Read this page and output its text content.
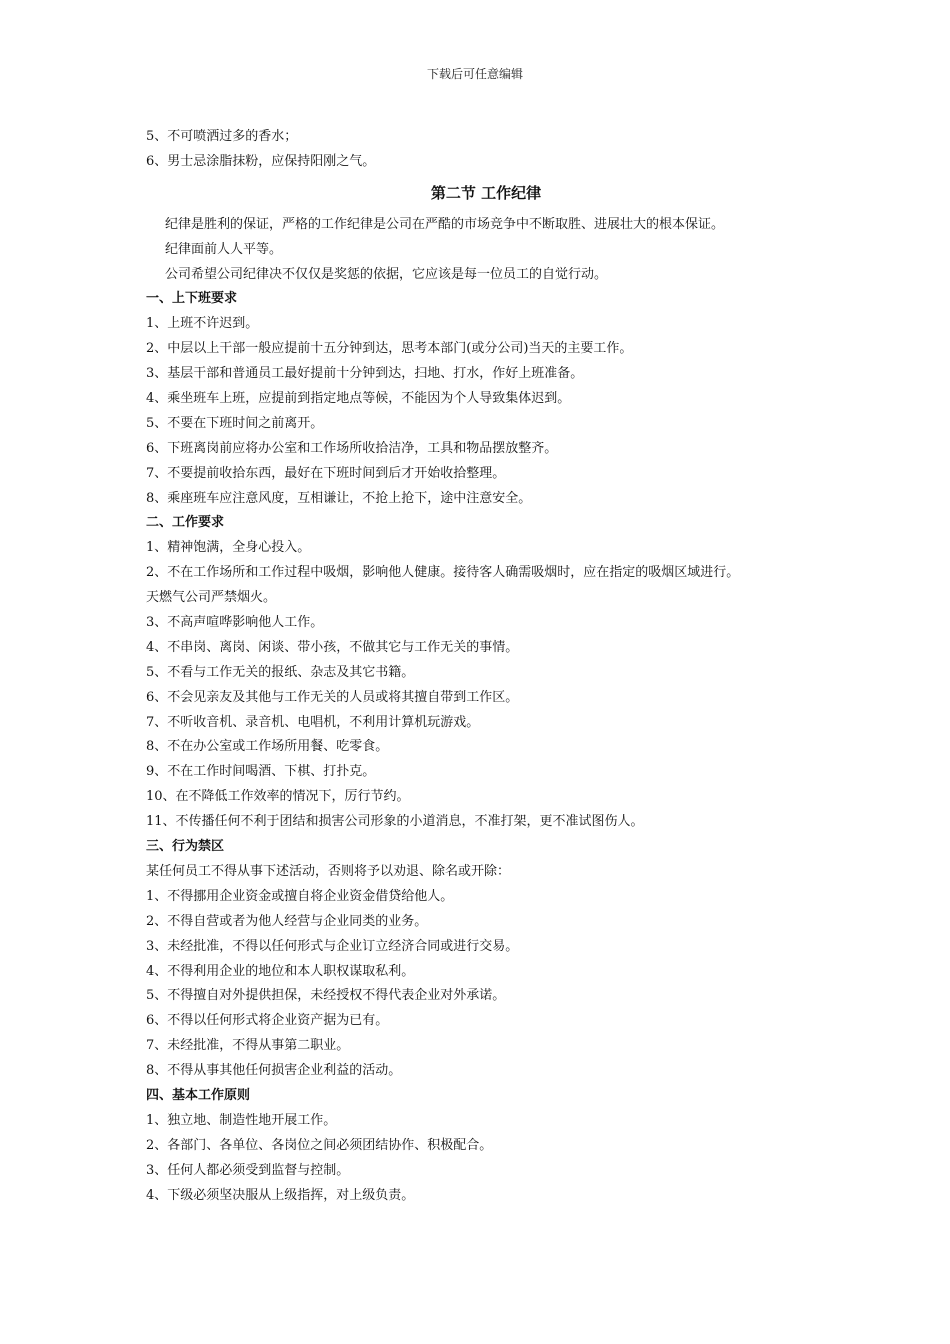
下载后可任意编辑
5、不可喷洒过多的香水；
6、男士忌涂脂抹粉，应保持阳刚之气。
第二节 工作纪律
纪律是胜利的保证，严格的工作纪律是公司在严酷的市场竞争中不断取胜、进展壮大的根本保证。
纪律面前人人平等。
公司希望公司纪律决不仅仅是奖惩的依据，它应该是每一位员工的自觉行动。
一、上下班要求
1、上班不许迟到。
2、中层以上干部一般应提前十五分钟到达，思考本部门(或分公司)当天的主要工作。
3、基层干部和普通员工最好提前十分钟到达，扫地、打水，作好上班准备。
4、乘坐班车上班，应提前到指定地点等候，不能因为个人导致集体迟到。
5、不要在下班时间之前离开。
6、下班离岗前应将办公室和工作场所收拾洁净，工具和物品摆放整齐。
7、不要提前收拾东西，最好在下班时间到后才开始收拾整理。
8、乘座班车应注意风度，互相谦让，不抢上抢下，途中注意安全。
二、工作要求
1、精神饱满，全身心投入。
2、不在工作场所和工作过程中吸烟，影响他人健康。接待客人确需吸烟时，应在指定的吸烟区域进行。
天燃气公司严禁烟火。
3、不高声喧哗影响他人工作。
4、不串岗、离岗、闲谈、带小孩，不做其它与工作无关的事情。
5、不看与工作无关的报纸、杂志及其它书籍。
6、不会见亲友及其他与工作无关的人员或将其擅自带到工作区。
7、不听收音机、录音机、电唱机，不利用计算机玩游戏。
8、不在办公室或工作场所用餐、吃零食。
9、不在工作时间喝酒、下棋、打扑克。
10、在不降低工作效率的情况下，厉行节约。
11、不传播任何不利于团结和损害公司形象的小道消息，不准打架，更不准试图伤人。
三、行为禁区
某任何员工不得从事下述活动，否则将予以劝退、除名或开除：
1、不得挪用企业资金或擅自将企业资金借贷给他人。
2、不得自营或者为他人经营与企业同类的业务。
3、未经批准，不得以任何形式与企业订立经济合同或进行交易。
4、不得利用企业的地位和本人职权谋取私利。
5、不得擅自对外提供担保，未经授权不得代表企业对外承诺。
6、不得以任何形式将企业资产据为已有。
7、未经批准，不得从事第二职业。
8、不得从事其他任何损害企业利益的活动。
四、基本工作原则
1、独立地、制造性地开展工作。
2、各部门、各单位、各岗位之间必须团结协作、积极配合。
3、任何人都必须受到监督与控制。
4、下级必须坚决服从上级指挥，对上级负责。
